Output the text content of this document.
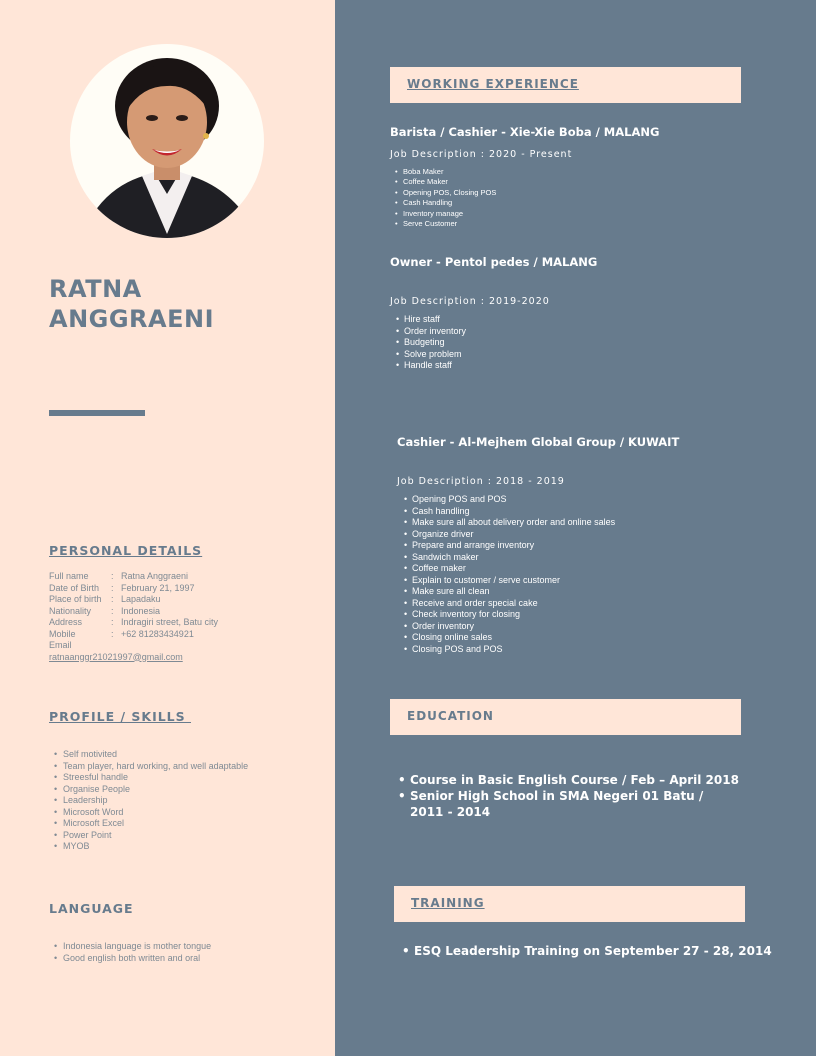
RATNA
ANGGRAENI
PERSONAL DETAILS
Full name	: Ratna Anggraeni
Date of Birth	: February 21, 1997
Place of birth	: Lapadaku
Nationality	: Indonesia
Address	: Indragiri street, Batu city
Mobile	: +62 81283434921
Email
ratnaanggr21021997@gmail.com
PROFILE / SKILLS
• Self motivited
• Team player, hard working, and well adaptable
• Streesful handle
• Organise People
• Leadership
• Microsoft Word
• Microsoft Excel
• Power Point
• MYOB
LANGUAGE
• Indonesia language is mother tongue
• Good english both written and oral
WORKING EXPERIENCE
Barista / Cashier - Xie-Xie Boba / MALANG
Job Description : 2020 - Present
• Boba Maker
• Coffee Maker
• Opening POS, Closing POS
• Cash Handling
• Inventory manage
• Serve Customer
Owner - Pentol pedes / MALANG
Job Description : 2019-2020
• Hire staff
• Order inventory
• Budgeting
• Solve problem
• Handle staff
Cashier - Al-Mejhem Global Group / KUWAIT
Job Description : 2018 - 2019
• Opening POS and POS
• Cash handling
• Make sure all about delivery order and online sales
• Organize driver
• Prepare and arrange inventory
• Sandwich maker
• Coffee maker
• Explain to customer / serve customer
• Make sure all clean
• Receive and order special cake
• Check inventory for closing
• Order inventory
• Closing online sales
• Closing POS and POS
EDUCATION
• Course in Basic English Course / Feb – April 2018
• Senior High School in SMA Negeri 01 Batu / 2011 - 2014
TRAINING
• ESQ Leadership Training on September 27 - 28, 2014
